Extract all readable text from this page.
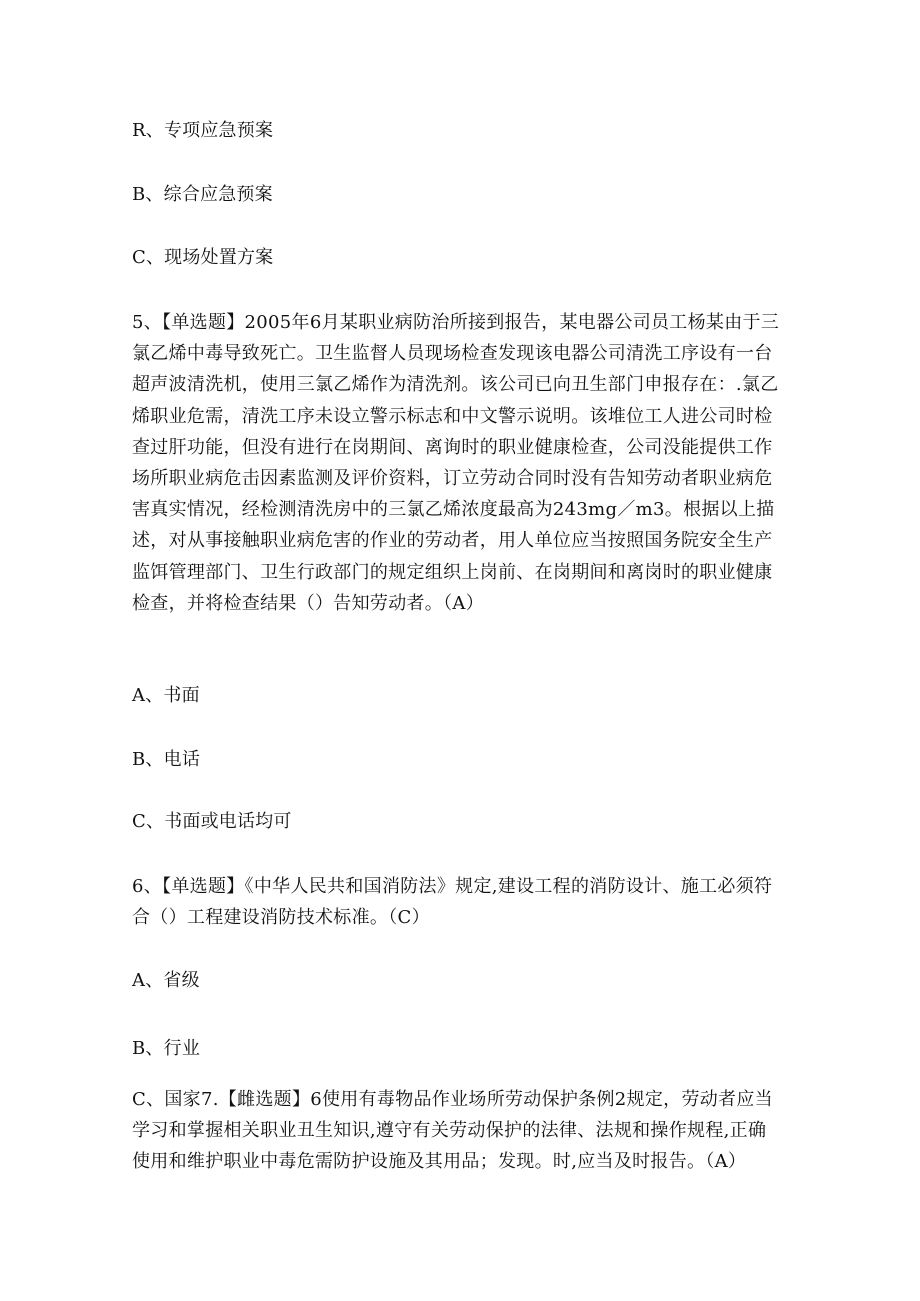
R、专项应急预案
B、综合应急预案
C、现场处置方案
5、【单选题】2005年6月某职业病防治所接到报告，某电器公司员工杨某由于三氯乙烯中毒导致死亡。卫生监督人员现场检查发现该电器公司清洗工序设有一台超声波清洗机，使用三氯乙烯作为清洗剂。该公司已向丑生部门申报存在：.氯乙烯职业危需，清洗工序未设立警示标志和中文警示说明。该堆位工人进公司时检查过肝功能，但没有进行在岗期间、离询时的职业健康检查，公司没能提供工作场所职业病危击因素监测及评价资料，订立劳动合同时没有告知劳动者职业病危害真实情况，经检测清洗房中的三氯乙烯浓度最高为243mg／m3。根据以上描述，对从事接触职业病危害的作业的劳动者，用人单位应当按照国务院安全生产监饵管理部门、卫生行政部门的规定组织上岗前、在岗期间和离岗时的职业健康检查，并将检查结果（）告知劳动者。（A）
A、书面
B、电话
C、书面或电话均可
6、【单选题】《中华人民共和国消防法》规定,建设工程的消防设计、施工必须符合（）工程建设消防技术标准。（C）
A、省级
B、行业
C、国家7.【雌选题】6使用有毒物品作业场所劳动保护条例2规定，劳动者应当学习和掌握相关职业丑生知识,遵守有关劳动保护的法律、法规和操作规程,正确使用和维护职业中毒危需防护设施及其用品；发现。时,应当及时报告。（A）
